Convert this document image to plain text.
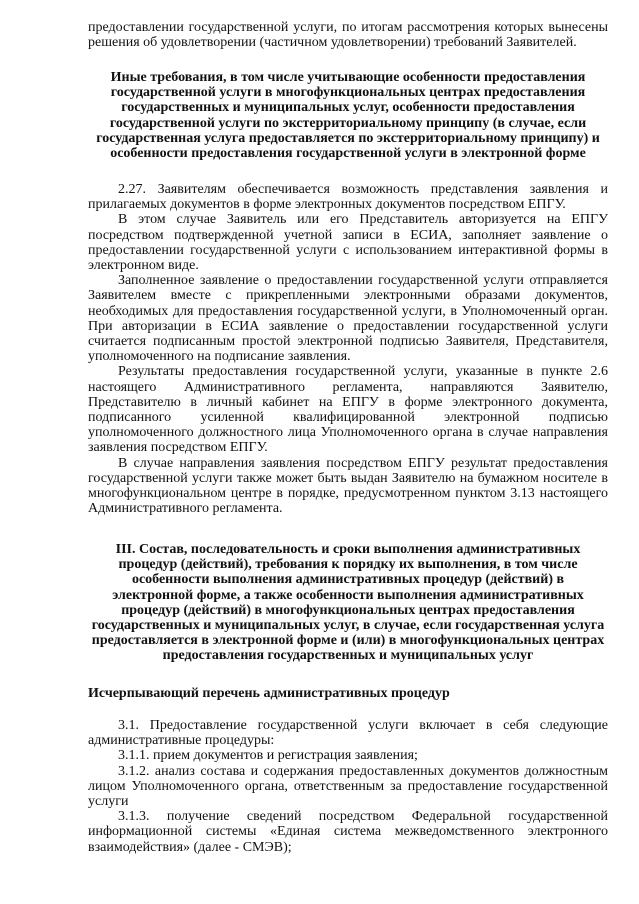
предоставлении государственной услуги, по итогам рассмотрения которых вынесены решения об удовлетворении (частичном удовлетворении) требований Заявителей.

Иные требования, в том числе учитывающие особенности предоставления государственной услуги в многофункциональных центрах предоставления государственных и муниципальных услуг, особенности предоставления государственной услуги по экстерриториальному принципу (в случае, если государственная услуга предоставляется по экстерриториальному принципу) и особенности предоставления государственной услуги в электронной форме

2.27. Заявителям обеспечивается возможность представления заявления и прилагаемых документов в форме электронных документов посредством ЕПГУ.

В этом случае Заявитель или его Представитель авторизуется на ЕПГУ посредством подтвержденной учетной записи в ЕСИА, заполняет заявление о предоставлении государственной услуги с использованием интерактивной формы в электронном виде.

Заполненное заявление о предоставлении государственной услуги отправляется Заявителем вместе с прикрепленными электронными образами документов, необходимых для предоставления государственной услуги, в Уполномоченный орган. При авторизации в ЕСИА заявление о предоставлении государственной услуги считается подписанным простой электронной подписью Заявителя, Представителя, уполномоченного на подписание заявления.

Результаты предоставления государственной услуги, указанные в пункте 2.6 настоящего Административного регламента, направляются Заявителю, Представителю в личный кабинет на ЕПГУ в форме электронного документа, подписанного усиленной квалифицированной электронной подписью уполномоченного должностного лица Уполномоченного органа в случае направления заявления посредством ЕПГУ.

В случае направления заявления посредством ЕПГУ результат предоставления государственной услуги также может быть выдан Заявителю на бумажном носителе в многофункциональном центре в порядке, предусмотренном пунктом 3.13 настоящего Административного регламента.

III. Состав, последовательность и сроки выполнения административных процедур (действий), требования к порядку их выполнения, в том числе особенности выполнения административных процедур (действий) в электронной форме, а также особенности выполнения административных процедур (действий) в многофункциональных центрах предоставления государственных и муниципальных услуг, в случае, если государственная услуга предоставляется в электронной форме и (или) в многофункциональных центрах предоставления государственных и муниципальных услуг

Исчерпывающий перечень административных процедур

3.1. Предоставление государственной услуги включает в себя следующие административные процедуры:

3.1.1. прием документов и регистрация заявления;

3.1.2. анализ состава и содержания предоставленных документов должностным лицом Уполномоченного органа, ответственным за предоставление государственной услуги

3.1.3. получение сведений посредством Федеральной государственной информационной системы «Единая система межведомственного электронного взаимодействия» (далее - СМЭВ);
